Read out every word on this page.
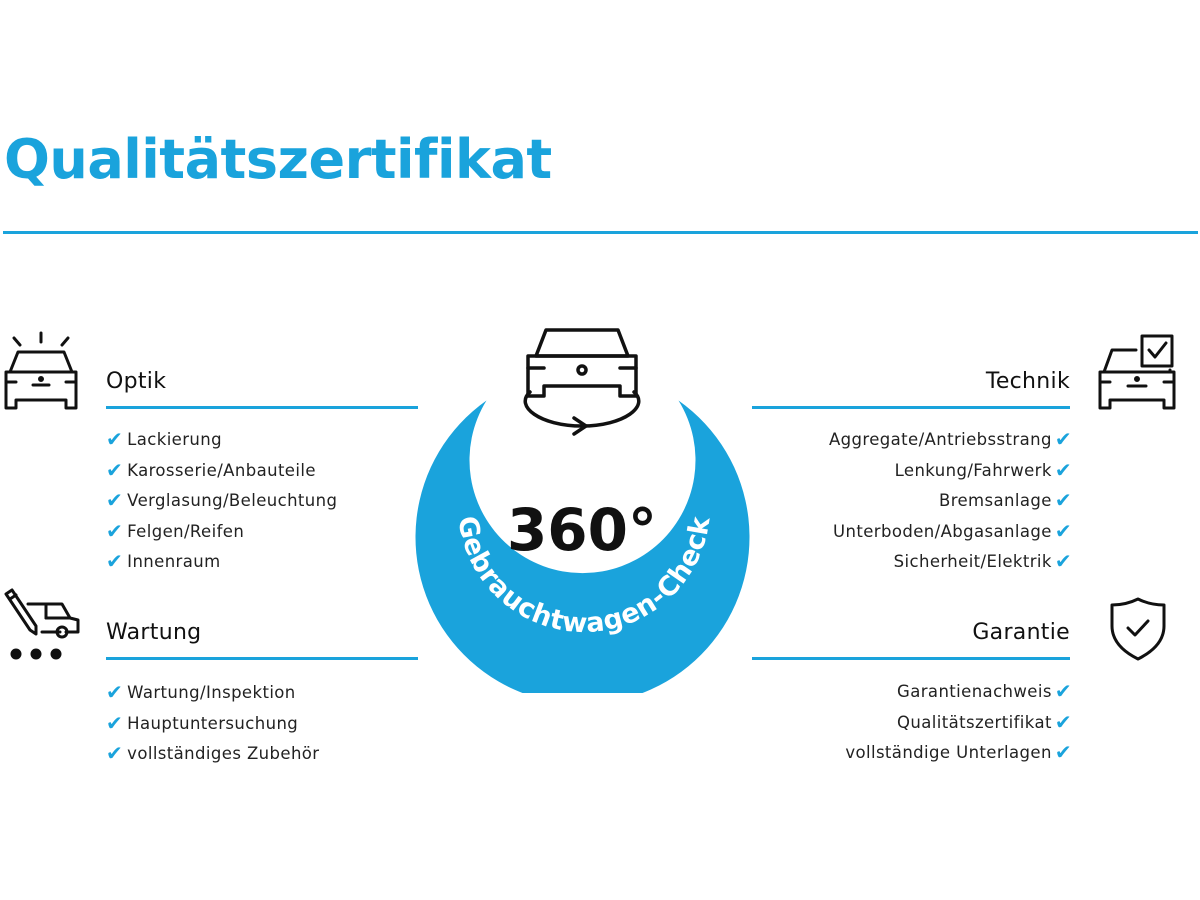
Qualitätszertifikat
Optik
✔ Lackierung
✔ Karosserie/Anbauteile
✔ Verglasung/Beleuchtung
✔ Felgen/Reifen
✔ Innenraum
Wartung
✔ Wartung/Inspektion
✔ Hauptuntersuchung
✔ vollständiges Zubehör
Gebrauchtwagen-Check
360°
Technik
Aggregate/Antriebsstrang ✔
Lenkung/Fahrwerk ✔
Bremsanlage ✔
Unterboden/Abgasanlage ✔
Sicherheit/Elektrik ✔
Garantie
Garantienachweis ✔
Qualitätszertifikat ✔
vollständige Unterlagen ✔
